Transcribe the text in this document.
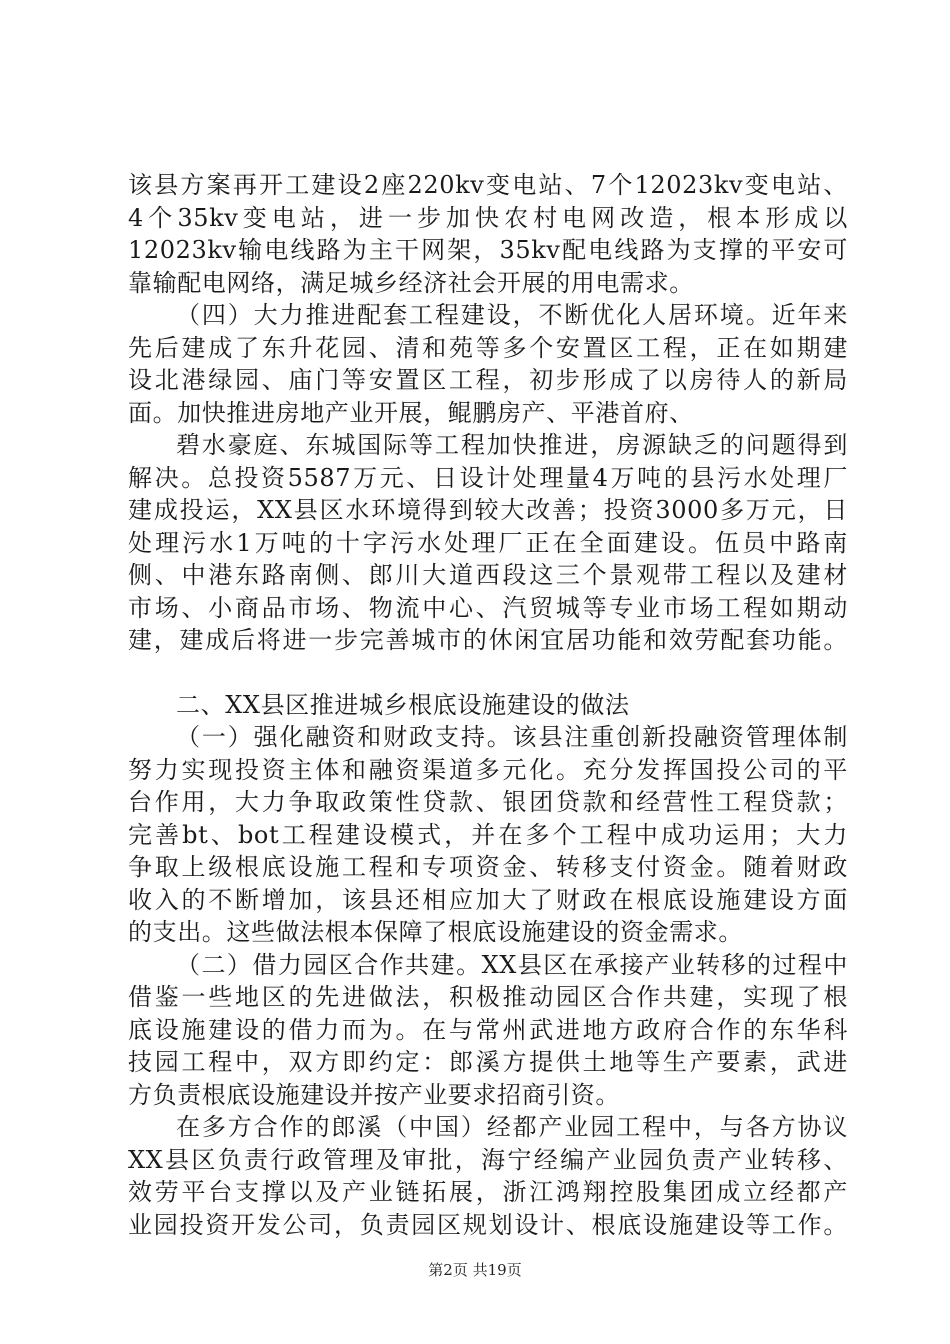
该县方案再开工建设2座220kv变电站、7个12023kv变电站、
4个35kv变电站，进一步加快农村电网改造，根本形成以
12023kv输电线路为主干网架，35kv配电线路为支撑的平安可
靠输配电网络，满足城乡经济社会开展的用电需求。
（四）大力推进配套工程建设，不断优化人居环境。近年来
先后建成了东升花园、清和苑等多个安置区工程，正在如期建
设北港绿园、庙门等安置区工程，初步形成了以房待人的新局
面。加快推进房地产业开展，鲲鹏房产、平港首府、
碧水豪庭、东城国际等工程加快推进，房源缺乏的问题得到
解决。总投资5587万元、日设计处理量4万吨的县污水处理厂
建成投运，XX县区水环境得到较大改善；投资3000多万元，日
处理污水1万吨的十字污水处理厂正在全面建设。伍员中路南
侧、中港东路南侧、郎川大道西段这三个景观带工程以及建材
市场、小商品市场、物流中心、汽贸城等专业市场工程如期动
建，建成后将进一步完善城市的休闲宜居功能和效劳配套功能。
二、XX县区推进城乡根底设施建设的做法
（一）强化融资和财政支持。该县注重创新投融资管理体制
努力实现投资主体和融资渠道多元化。充分发挥国投公司的平
台作用，大力争取政策性贷款、银团贷款和经营性工程贷款；
完善bt、bot工程建设模式，并在多个工程中成功运用；大力
争取上级根底设施工程和专项资金、转移支付资金。随着财政
收入的不断增加，该县还相应加大了财政在根底设施建设方面
的支出。这些做法根本保障了根底设施建设的资金需求。
（二）借力园区合作共建。XX县区在承接产业转移的过程中
借鉴一些地区的先进做法，积极推动园区合作共建，实现了根
底设施建设的借力而为。在与常州武进地方政府合作的东华科
技园工程中，双方即约定：郎溪方提供土地等生产要素，武进
方负责根底设施建设并按产业要求招商引资。
在多方合作的郎溪（中国）经都产业园工程中，与各方协议
XX县区负责行政管理及审批，海宁经编产业园负责产业转移、
效劳平台支撑以及产业链拓展，浙江鸿翔控股集团成立经都产
业园投资开发公司，负责园区规划设计、根底设施建设等工作。
第2页 共19页
